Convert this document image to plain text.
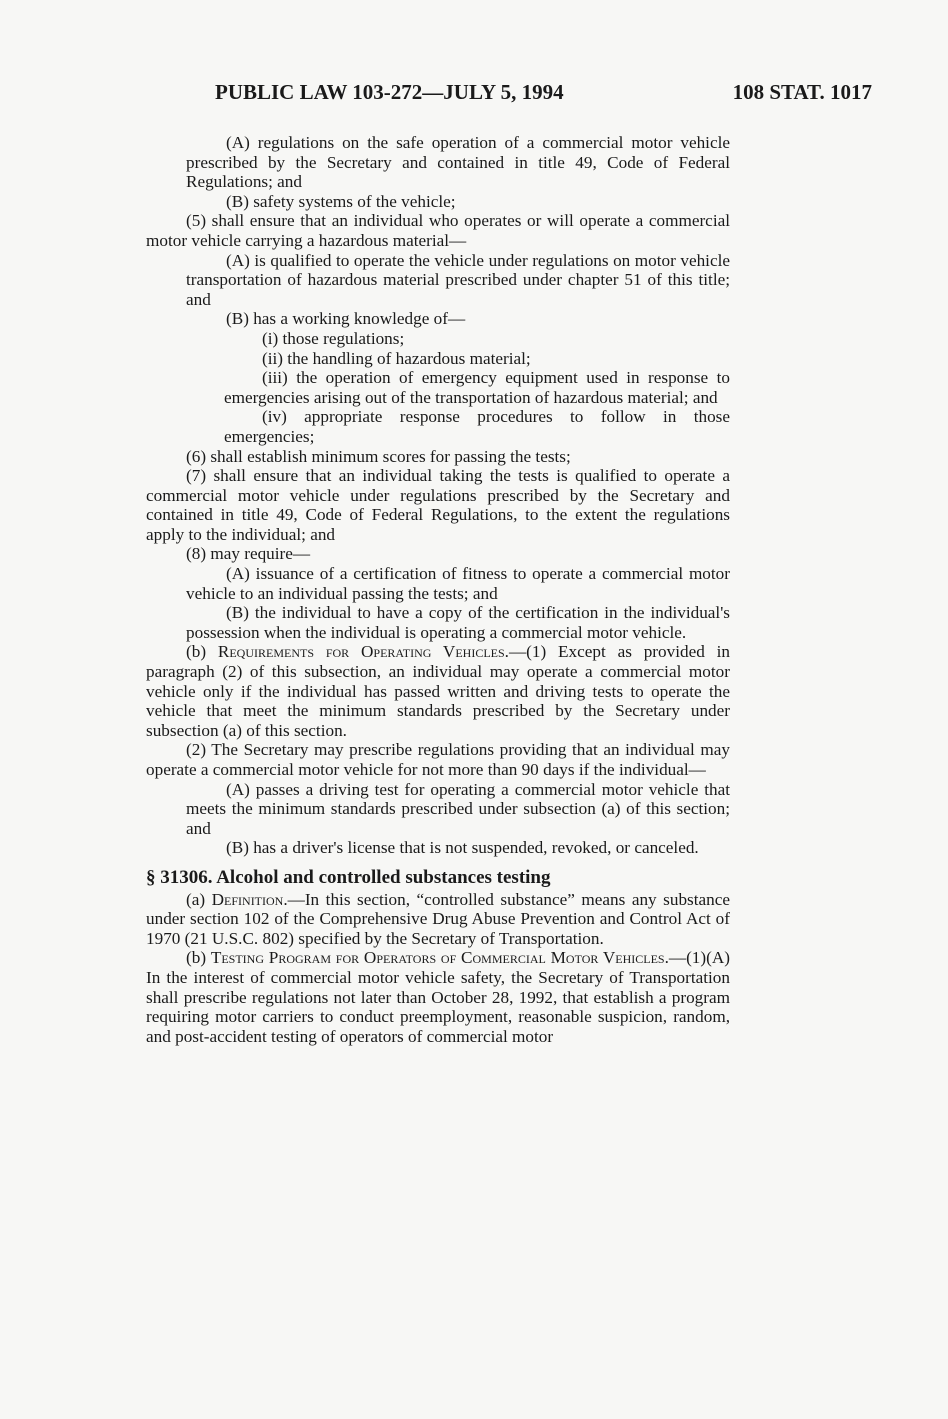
PUBLIC LAW 103-272—JULY 5, 1994	108 STAT. 1017

(A) regulations on the safe operation of a commercial motor vehicle prescribed by the Secretary and contained in title 49, Code of Federal Regulations; and

(B) safety systems of the vehicle;

(5) shall ensure that an individual who operates or will operate a commercial motor vehicle carrying a hazardous material—

(A) is qualified to operate the vehicle under regulations on motor vehicle transportation of hazardous material prescribed under chapter 51 of this title; and

(B) has a working knowledge of—

(i) those regulations;

(ii) the handling of hazardous material;

(iii) the operation of emergency equipment used in response to emergencies arising out of the transportation of hazardous material; and

(iv) appropriate response procedures to follow in those emergencies;

(6) shall establish minimum scores for passing the tests;

(7) shall ensure that an individual taking the tests is qualified to operate a commercial motor vehicle under regulations prescribed by the Secretary and contained in title 49, Code of Federal Regulations, to the extent the regulations apply to the individual; and

(8) may require—

(A) issuance of a certification of fitness to operate a commercial motor vehicle to an individual passing the tests; and

(B) the individual to have a copy of the certification in the individual's possession when the individual is operating a commercial motor vehicle.

(b) Requirements for Operating Vehicles.—(1) Except as provided in paragraph (2) of this subsection, an individual may operate a commercial motor vehicle only if the individual has passed written and driving tests to operate the vehicle that meet the minimum standards prescribed by the Secretary under subsection (a) of this section.

(2) The Secretary may prescribe regulations providing that an individual may operate a commercial motor vehicle for not more than 90 days if the individual—

(A) passes a driving test for operating a commercial motor vehicle that meets the minimum standards prescribed under subsection (a) of this section; and

(B) has a driver's license that is not suspended, revoked, or canceled.

§ 31306. Alcohol and controlled substances testing

(a) Definition.—In this section, “controlled substance” means any substance under section 102 of the Comprehensive Drug Abuse Prevention and Control Act of 1970 (21 U.S.C. 802) specified by the Secretary of Transportation.

(b) Testing Program for Operators of Commercial Motor Vehicles.—(1)(A) In the interest of commercial motor vehicle safety, the Secretary of Transportation shall prescribe regulations not later than October 28, 1992, that establish a program requiring motor carriers to conduct preemployment, reasonable suspicion, random, and post-accident testing of operators of commercial motor
